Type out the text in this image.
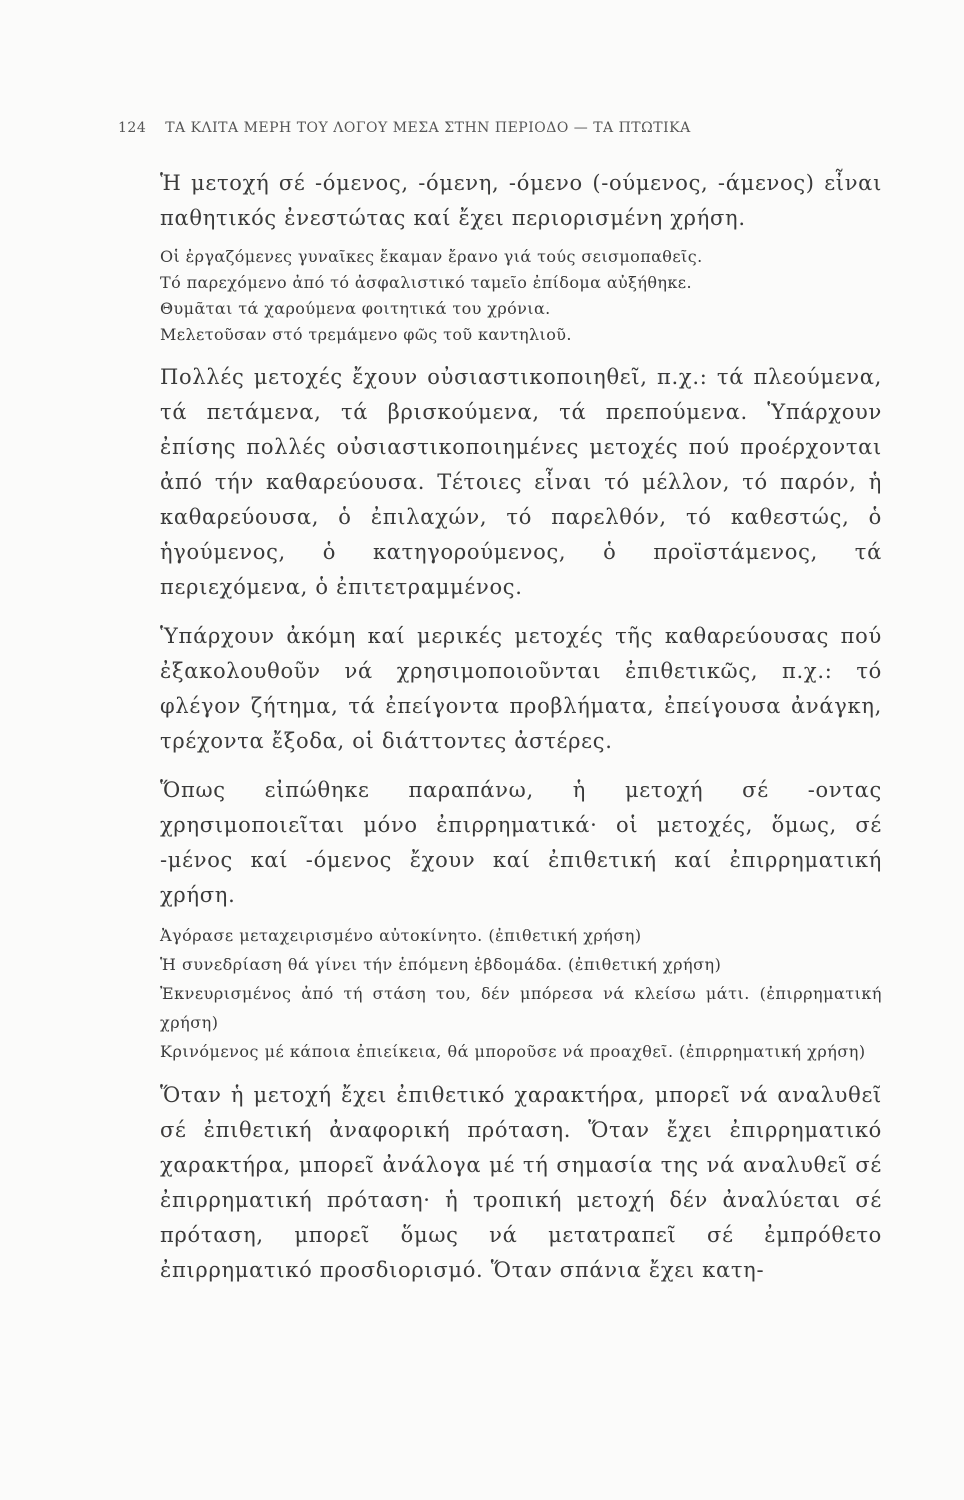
124 ΤΑ ΚΛΙΤΑ ΜΕΡΗ ΤΟΥ ΛΟΓΟΥ ΜΕΣΑ ΣΤΗΝ ΠΕΡΙΟΔΟ — ΤΑ ΠΤΩΤΙΚΑ

Ἡ μετοχή σέ -όμενος, -όμενη, -όμενο (-ούμενος, -άμενος) εἶναι παθητικός ἐνεστώτας καί ἔχει περιορισμένη χρήση.

Οἱ ἐργαζόμενες γυναῖκες ἔκαμαν ἔρανο γιά τούς σεισμοπαθεῖς.

Τό παρεχόμενο ἀπό τό ἀσφαλιστικό ταμεῖο ἐπίδομα αὐξήθηκε.

Θυμᾶται τά χαρούμενα φοιτητικά του χρόνια.

Μελετοῦσαν στό τρεμάμενο φῶς τοῦ καντηλιοῦ.

Πολλές μετοχές ἔχουν οὐσιαστικοποιηθεῖ, π.χ.: τά πλεούμενα, τά πετάμενα, τά βρισκούμενα, τά πρεπούμενα. Ὑπάρχουν ἐπίσης πολλές οὐσιαστικοποιημένες μετοχές πού προέρχονται ἀπό τήν καθαρεύουσα. Τέτοιες εἶναι τό μέλλον, τό παρόν, ἡ καθαρεύουσα, ὁ ἐπιλαχών, τό παρελθόν, τό καθεστώς, ὁ ἡγούμενος, ὁ κατηγορούμενος, ὁ προϊστάμενος, τά περιεχόμενα, ὁ ἐπιτετραμμένος.

Ὑπάρχουν ἀκόμη καί μερικές μετοχές τῆς καθαρεύουσας πού ἐξακολουθοῦν νά χρησιμοποιοῦνται ἐπιθετικῶς, π.χ.: τό φλέγον ζήτημα, τά ἐπείγοντα προβλήματα, ἐπείγουσα ἀνάγκη, τρέχοντα ἔξοδα, οἱ διάττοντες ἀστέρες.

Ὅπως εἰπώθηκε παραπάνω, ἡ μετοχή σέ -οντας χρησιμοποιεῖται μόνο ἐπιρρηματικά· οἱ μετοχές, ὅμως, σέ -μένος καί -όμενος ἔχουν καί ἐπιθετική καί ἐπιρρηματική χρήση.

Ἀγόρασε μεταχειρισμένο αὐτοκίνητο. (ἐπιθετική χρήση)

Ἡ συνεδρίαση θά γίνει τήν ἑπόμενη ἑβδομάδα. (ἐπιθετική χρήση)

Ἐκνευρισμένος ἀπό τή στάση του, δέν μπόρεσα νά κλείσω μάτι. (ἐπιρρηματική χρήση)

Κρινόμενος μέ κάποια ἐπιείκεια, θά μποροῦσε νά προαχθεῖ. (ἐπιρρηματική χρήση)

Ὅταν ἡ μετοχή ἔχει ἐπιθετικό χαρακτήρα, μπορεῖ νά αναλυθεῖ σέ ἐπιθετική ἀναφορική πρόταση. Ὅταν ἔχει ἐπιρρηματικό χαρακτήρα, μπορεῖ ἀνάλογα μέ τή σημασία της νά αναλυθεῖ σέ ἐπιρρηματική πρόταση· ἡ τροπική μετοχή δέν ἀναλύεται σέ πρόταση, μπορεῖ ὅμως νά μετατραπεῖ σέ ἐμπρόθετο ἐπιρρηματικό προσδιορισμό. Ὅταν σπάνια ἔχει κατη-
